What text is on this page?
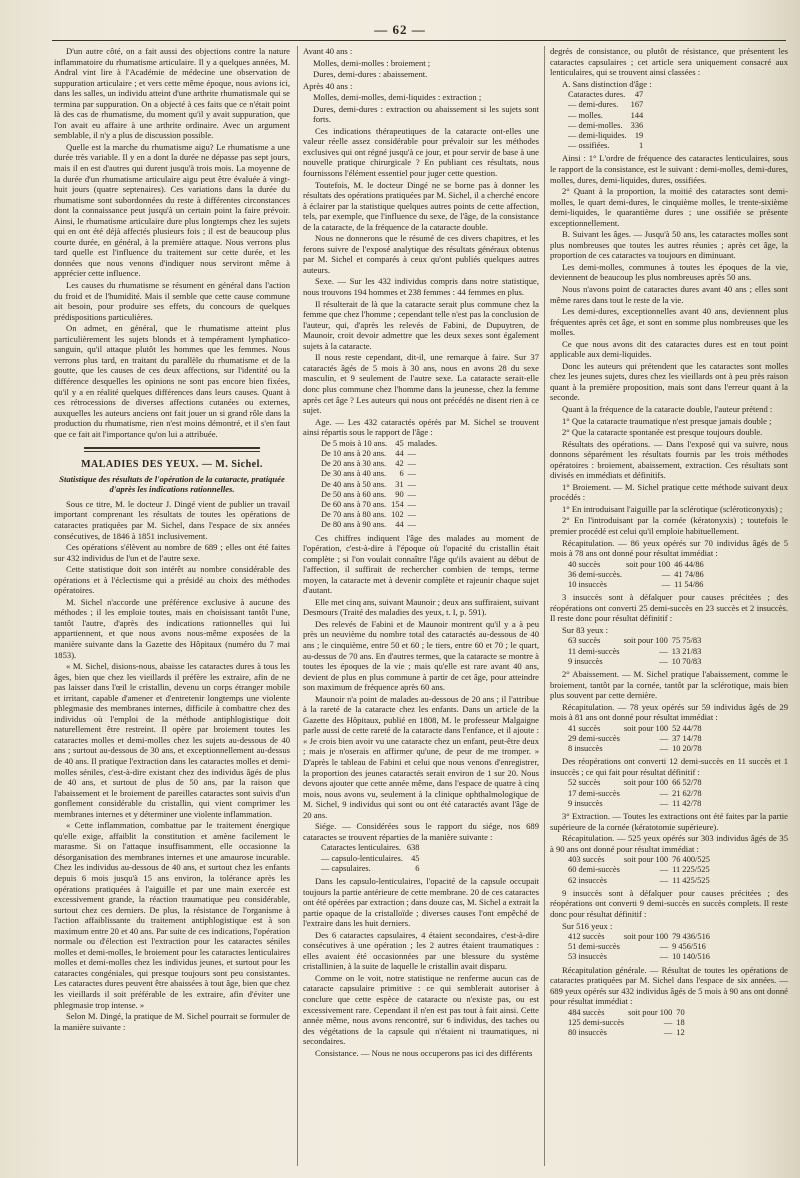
— 62 —

D'un autre côté, on a fait aussi des objections contre la nature inflammatoire du rhumatisme articulaire. Il y a quelques années, M. Andral vint lire à l'Académie de médecine une observation de suppuration articulaire ; et vers cette même époque, nous avions ici, dans les salles, un individu atteint d'une arthrite rhumatismale qui se termina par suppuration. On a objecté à ces faits que ce n'était point là des cas de rhumatisme, du moment qu'il y avait suppuration, que l'on avait eu affaire à une arthrite ordinaire. Avec un argument semblable, il n'y a plus de discussion possible.

Quelle est la marche du rhumatisme aigu? Le rhumatisme a une durée très variable. Il y en a dont la durée ne dépasse pas sept jours, mais il en est d'autres qui durent jusqu'à trois mois. La moyenne de la durée d'un rhumatisme articulaire aigu peut être évaluée à vingt-huit jours (quatre septenaires). Ces variations dans la durée du rhumatisme sont subordonnées du reste à différentes circonstances dont la connaissance peut jusqu'à un certain point la faire prévoir. Ainsi, le rhumatisme articulaire dure plus longtemps chez les sujets qui en ont été déjà affectés plusieurs fois ; il est de beaucoup plus courte durée, en général, à la première attaque. Nous verrons plus tard quelle est l'influence du traitement sur cette durée, et les données que nous venons d'indiquer nous serviront même à apprécier cette influence.

Les causes du rhumatisme se résument en général dans l'action du froid et de l'humidité. Mais il semble que cette cause commune ait besoin, pour produire ses effets, du concours de quelques prédispositions particulières.

On admet, en général, que le rhumatisme atteint plus particulièrement les sujets blonds et à tempérament lymphatico-sanguin, qu'il attaque plutôt les hommes que les femmes. Nous verrons plus tard, en traitant du parallèle du rhumatisme et de la goutte, que les causes de ces deux affections, sur l'identité ou la différence desquelles les opinions ne sont pas encore bien fixées, qu'il y a en réalité quelques différences dans leurs causes. Quant à ces rétrocessions de diverses affections cutanées ou externes, auxquelles les auteurs anciens ont fait jouer un si grand rôle dans la production du rhumatisme, rien n'est moins démontré, et il s'en faut que ce fait ait l'importance qu'on lui a attribuée.

MALADIES DES YEUX. — M. Sichel.
Statistique des résultats de l'opération de la cataracte, pratiquée d'après les indications rationnelles.

Sous ce titre, M. le docteur J. Dingé vient de publier un travail important comprenant les résultats de toutes les opérations de cataractes pratiquées par M. Sichel, dans l'espace de six années consécutives, de 1846 à 1851 inclusivement.

Ces opérations s'élèvent au nombre de 689 ; elles ont été faites sur 432 individus de l'un et de l'autre sexe.

Cette statistique doit son intérêt au nombre considérable des opérations et à l'éclectisme qui a présidé au choix des méthodes opératoires.

M. Sichel n'accorde une préférence exclusive à aucune des méthodes ; il les emploie toutes, mais en choisissant tantôt l'une, tantôt l'autre, d'après des indications rationnelles qui lui appartiennent, et que nous avons nous-même exposées de la manière suivante dans la Gazette des Hôpitaux (numéro du 7 mai 1853).

« M. Sichel, disions-nous, abaisse les cataractes dures à tous les âges, bien que chez les vieillards il préfère les extraire, afin de ne pas laisser dans l'œil le cristallin, devenu un corps étranger mobile et irritant, capable d'amener et d'entretenir longtemps une violente phlegmasie des membranes internes, difficile à combattre chez des individus où l'emploi de la méthode antiphlogistique doit naturellement être restreint. Il opère par broiement toutes les cataractes molles et demi-molles chez les sujets au-dessous de 40 ans ; surtout au-dessous de 30 ans, et exceptionnellement au-dessus de 40 ans. Il pratique l'extraction dans les cataractes molles et demi-molles séniles, c'est-à-dire existant chez des individus âgés de plus de 40 ans, et surtout de plus de 50 ans, par la raison que l'abaissement et le broiement de pareilles cataractes sont suivis d'un gonflement considérable du cristallin, qui vient comprimer les membranes internes et y déterminer une violente inflammation.

« Cette inflammation, combattue par le traitement énergique qu'elle exige, affaiblit la constitution et amène facilement le marasme. Si on l'attaque insuffisamment, elle occasionne la désorganisation des membranes internes et une amaurose incurable. Chez les individus au-dessous de 40 ans, et surtout chez les enfants depuis 6 mois jusqu'à 15 ans environ, la tolérance après les opérations pratiquées à l'aiguille et par une main exercée est excessivement grande, la réaction traumatique peu considérable, surtout chez ces derniers. De plus, la résistance de l'organisme à l'action affaiblissante du traitement antiphlogistique est à son maximum entre 20 et 40 ans. Par suite de ces indications, l'opération normale ou d'élection est l'extraction pour les cataractes séniles molles et demi-molles, le broiement pour les cataractes lenticulaires molles et demi-molles chez les individus jeunes, et surtout pour les cataractes congéniales, qui presque toujours sont peu consistantes. Les cataractes dures peuvent être abaissées à tout âge, bien que chez les vieillards il soit préférable de les extraire, afin d'éviter une phlegmasie trop intense. »

Selon M. Dingé, la pratique de M. Sichel pourrait se formuler de la manière suivante :

Avant 40 ans :

Molles, demi-molles : broiement ;

Dures, demi-dures : abaissement.

Après 40 ans :

Molles, demi-molles, demi-liquides : extraction ;

Dures, demi-dures : extraction ou abaissement si les sujets sont forts.

Ces indications thérapeutiques de la cataracte ont-elles une valeur réelle assez considérable pour prévaloir sur les méthodes exclusives qui ont régné jusqu'à ce jour, et pour servir de base à une nouvelle pratique chirurgicale ? En publiant ces résultats, nous fournissons l'élément essentiel pour juger cette question.

Toutefois, M. le docteur Dingé ne se borne pas à donner les résultats des opérations pratiquées par M. Sichel, il a cherché encore à éclairer par la statistique quelques autres points de cette affection, tels, par exemple, que l'influence du sexe, de l'âge, de la consistance de la cataracte, de la fréquence de la cataracte double.

Nous ne donnerons que le résumé de ces divers chapitres, et les ferons suivre de l'exposé analytique des résultats généraux obtenus par M. Sichel et comparés à ceux qu'ont publiés quelques autres auteurs.

Sexe. — Sur les 432 individus compris dans notre statistique, nous trouvons 194 hommes et 238 femmes : 44 femmes en plus.

Il résulterait de là que la cataracte serait plus commune chez la femme que chez l'homme ; cependant telle n'est pas la conclusion de l'auteur, qui, d'après les relevés de Fabini, de Dupuytren, de Maunoir, croit devoir admettre que les deux sexes sont également sujets à la cataracte.

Il nous reste cependant, dit-il, une remarque à faire. Sur 37 cataractés âgés de 5 mois à 30 ans, nous en avons 28 du sexe masculin, et 9 seulement de l'autre sexe. La cataracte serait-elle donc plus commune chez l'homme dans la jeunesse, chez la femme après cet âge ? Les auteurs qui nous ont précédés ne disent rien à ce sujet.

Age. — Les 432 cataractés opérés par M. Sichel se trouvent ainsi répartis sous le rapport de l'âge :

De 5 mois à 10 ans.	45	malades.
De 10 ans à 20 ans.	44	—
De 20 ans à 30 ans.	42	—
De 30 ans à 40 ans.	6	—
De 40 ans à 50 ans.	31	—
De 50 ans à 60 ans.	90	—
De 60 ans à 70 ans.	154	—
De 70 ans à 80 ans.	102	—
De 80 ans à 90 ans.	44	—

Ces chiffres indiquent l'âge des malades au moment de l'opération, c'est-à-dire à l'époque où l'opacité du cristallin était complète ; si l'on voulait connaître l'âge qu'ils avaient au début de l'affection, il suffirait de rechercher combien de temps, terme moyen, la cataracte met à devenir complète et rajeunir chaque sujet d'autant.

Elle met cinq ans, suivant Maunoir ; deux ans suffiraient, suivant Desmours (Traité des maladies des yeux, t. I, p. 591).

Des relevés de Fabini et de Maunoir montrent qu'il y a à peu près un neuvième du nombre total des cataractés au-dessous de 40 ans ; le cinquième, entre 50 et 60 ; le tiers, entre 60 et 70 ; le quart, au-dessus de 70 ans. En d'autres termes, que la cataracte se montre à toutes les époques de la vie ; mais qu'elle est rare avant 40 ans, devient de plus en plus commune à partir de cet âge, pour atteindre son maximum de fréquence après 60 ans.

Maunoir n'a point de malades au-dessous de 20 ans ; il l'attribue à la rareté de la cataracte chez les enfants. Dans un article de la Gazette des Hôpitaux, publié en 1808, M. le professeur Malgaigne parle aussi de cette rareté de la cataracte dans l'enfance, et il ajoute : « Je crois bien avoir vu une cataracte chez un enfant, peut-être deux ; mais je n'oserais en affirmer qu'une, de peur de me tromper. » D'après le tableau de Fabini et celui que nous venons d'enregistrer, la proportion des jeunes cataractés serait environ de 1 sur 20. Nous devons ajouter que cette année même, dans l'espace de quatre à cinq mois, nous avons vu, seulement à la clinique ophthalmologique de M. Sichel, 9 individus qui sont ou ont été cataractés avant l'âge de 20 ans.

Siége. — Considérées sous le rapport du siége, nos 689 cataractes se trouvent réparties de la manière suivante :

Cataractes lenticulaires.	638
— capsulo-lenticulaires.	45
— capsulaires.	6

Dans les capsulo-lenticulaires, l'opacité de la capsule occupait toujours la partie antérieure de cette membrane. 20 de ces cataractes ont été opérées par extraction ; dans douze cas, M. Sichel a extrait la partie opaque de la cristalloïde ; diverses causes l'ont empêché de l'extraire dans les huit derniers.

Des 6 cataractes capsulaires, 4 étaient secondaires, c'est-à-dire consécutives à une opération ; les 2 autres étaient traumatiques : elles avaient été occasionnées par une blessure du système cristallinien, à la suite de laquelle le cristallin avait disparu.

Comme on le voit, notre statistique ne renferme aucun cas de cataracte capsulaire primitive : ce qui semblerait autoriser à conclure que cette espèce de cataracte ou n'existe pas, ou est excessivement rare. Cependant il n'en est pas tout à fait ainsi. Cette année même, nous avons rencontré, sur 6 individus, des taches ou des végétations de la capsule qui n'étaient ni traumatiques, ni secondaires.

Consistance. — Nous ne nous occuperons pas ici des différents

degrés de consistance, ou plutôt de résistance, que présentent les cataractes capsulaires ; cet article sera uniquement consacré aux lenticulaires, qui se trouvent ainsi classées :

A. Sans distinction d'âge :

Cataractes dures.	47
— demi-dures.	167
— molles.	144
— demi-molles.	336
— demi-liquides.	19
— ossifiées.	1

Ainsi : 1° L'ordre de fréquence des cataractes lenticulaires, sous le rapport de la consistance, est le suivant : demi-molles, demi-dures, molles, dures, demi-liquides, dures, ossifiées.

2° Quant à la proportion, la moitié des cataractes sont demi-molles, le quart demi-dures, le cinquième molles, le trente-sixième demi-liquides, le quarantième dures ; une ossifiée se présente exceptionnellement.

B. Suivant les âges. — Jusqu'à 50 ans, les cataractes molles sont plus nombreuses que toutes les autres réunies ; après cet âge, la proportion de ces cataractes va toujours en diminuant.

Les demi-molles, communes à toutes les époques de la vie, deviennent de beaucoup les plus nombreuses après 50 ans.

Nous n'avons point de cataractes dures avant 40 ans ; elles sont même rares dans tout le reste de la vie.

Les demi-dures, exceptionnelles avant 40 ans, deviennent plus fréquentes après cet âge, et sont en somme plus nombreuses que les molles.

Ce que nous avons dit des cataractes dures est en tout point applicable aux demi-liquides.

Donc les auteurs qui prétendent que les cataractes sont molles chez les jeunes sujets, dures chez les vieillards ont à peu près raison quant à la première proposition, mais sont dans l'erreur quant à la seconde.

Quant à la fréquence de la cataracte double, l'auteur prétend :

1° Que la cataracte traumatique n'est presque jamais double ;

2° Que la cataracte spontanée est presque toujours double.

Résultats des opérations. — Dans l'exposé qui va suivre, nous donnons séparément les résultats fournis par les trois méthodes opératoires : broiement, abaissement, extraction. Ces résultats sont divisés en immédiats et définitifs.

1° Broiement. — M. Sichel pratique cette méthode suivant deux procédés :

1° En introduisant l'aiguille par la sclérotique (scléroticonyxis) ;

2° En l'introduisant par la cornée (kératonyxis) ; toutefois le premier procédé est celui qu'il emploie habituellement.

Récapitulation. — 86 yeux opérés sur 70 individus âgés de 5 mois à 78 ans ont donné pour résultat immédiat :

40 succès	soit pour 100	46 44/86
36 demi-succès.	—	41 74/86
10 insuccès	—	11 54/86

3 insuccès sont à défalquer pour causes précitées ; des réopérations ont converti 25 demi-succès en 23 succès et 2 insuccès. Il reste donc pour résultat définitif :

Sur 83 yeux :

63 succès	soit pour 100	75 75/83
11 demi-succès	—	13 21/83
9 insuccès	—	10 70/83

2° Abaissement. — M. Sichel pratique l'abaissement, comme le broiement, tantôt par la cornée, tantôt par la sclérotique, mais bien plus souvent par cette dernière.

Récapitulation. — 78 yeux opérés sur 59 individus âgés de 29 mois à 81 ans ont donné pour résultat immédiat :

41 succès	soit pour 100	52 44/78
29 demi-succès	—	37 14/78
8 insuccès	—	10 20/78

Des réopérations ont converti 12 demi-succès en 11 succès et 1 insuccès ; ce qui fait pour résultat définitif :

52 succès	soit pour 100	66 52/78
17 demi-succès	—	21 62/78
9 insuccès	—	11 42/78

3° Extraction. — Toutes les extractions ont été faites par la partie supérieure de la cornée (kératotomie supérieure).

Récapitulation. — 525 yeux opérés sur 303 individus âgés de 35 à 90 ans ont donné pour résultat immédiat :

403 succès	soit pour 100	76 400/525
60 demi-succès	—	11 225/525
62 insuccès	—	11 425/525

9 insuccès sont à défalquer pour causes précitées ; des réopérations ont converti 9 demi-succès en succès complets. Il reste donc pour résultat définitif :

Sur 516 yeux :

412 succès	soit pour 100	79 436/516
51 demi-succès	—	9 456/516
53 insuccès	—	10 140/516

Récapitulation générale. — Résultat de toutes les opérations de cataractes pratiquées par M. Sichel dans l'espace de six années. — 689 yeux opérés sur 432 individus âgés de 5 mois à 90 ans ont donné pour résultat immédiat :

484 succès	soit pour 100	70
125 demi-succès	—	18
80 insuccès	—	12
